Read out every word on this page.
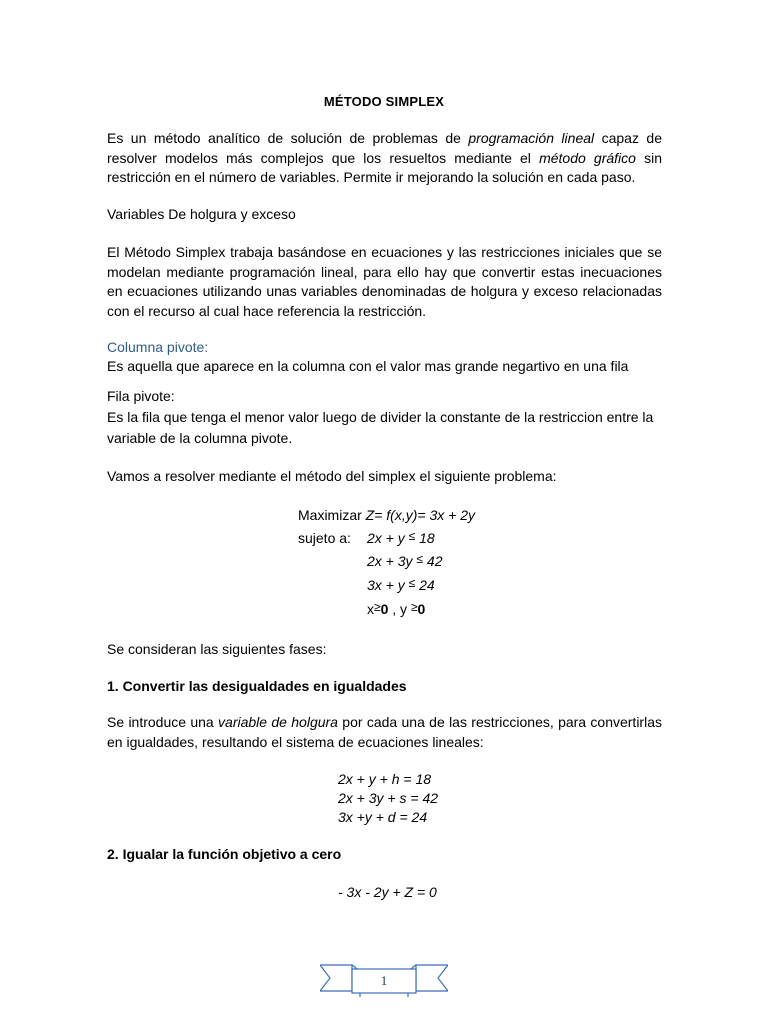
MÉTODO SIMPLEX
Es un método analítico de solución de problemas de programación lineal capaz de resolver modelos más complejos que los resueltos mediante el método gráfico sin restricción en el número de variables. Permite ir mejorando la solución en cada paso.
Variables De holgura y exceso
El Método Simplex trabaja basándose en ecuaciones y las restricciones iniciales que se modelan mediante programación lineal, para ello hay que convertir estas inecuaciones en ecuaciones utilizando unas variables denominadas de holgura y exceso relacionadas con el recurso al cual hace referencia la restricción.
Columna pivote:
Es aquella que aparece en la columna con el valor mas grande negartivo en una fila
Fila pivote:
Es la fila que tenga el menor valor luego de divider la constante de la restriccion entre la variable de la columna pivote.
Vamos a resolver mediante el método del simplex el siguiente problema:
Maximizar Z= f(x,y)= 3x + 2y
sujeto a: 2x + y ≤ 18
2x + 3y ≤ 42
3x + y ≤ 24
x≥0 , y ≥0
Se consideran las siguientes fases:
1. Convertir las desigualdades en igualdades
Se introduce una variable de holgura por cada una de las restricciones, para convertirlas en igualdades, resultando el sistema de ecuaciones lineales:
2x + y + h = 18
2x + 3y + s = 42
3x +y + d = 24
2. Igualar la función objetivo a cero
- 3x - 2y + Z = 0
1
